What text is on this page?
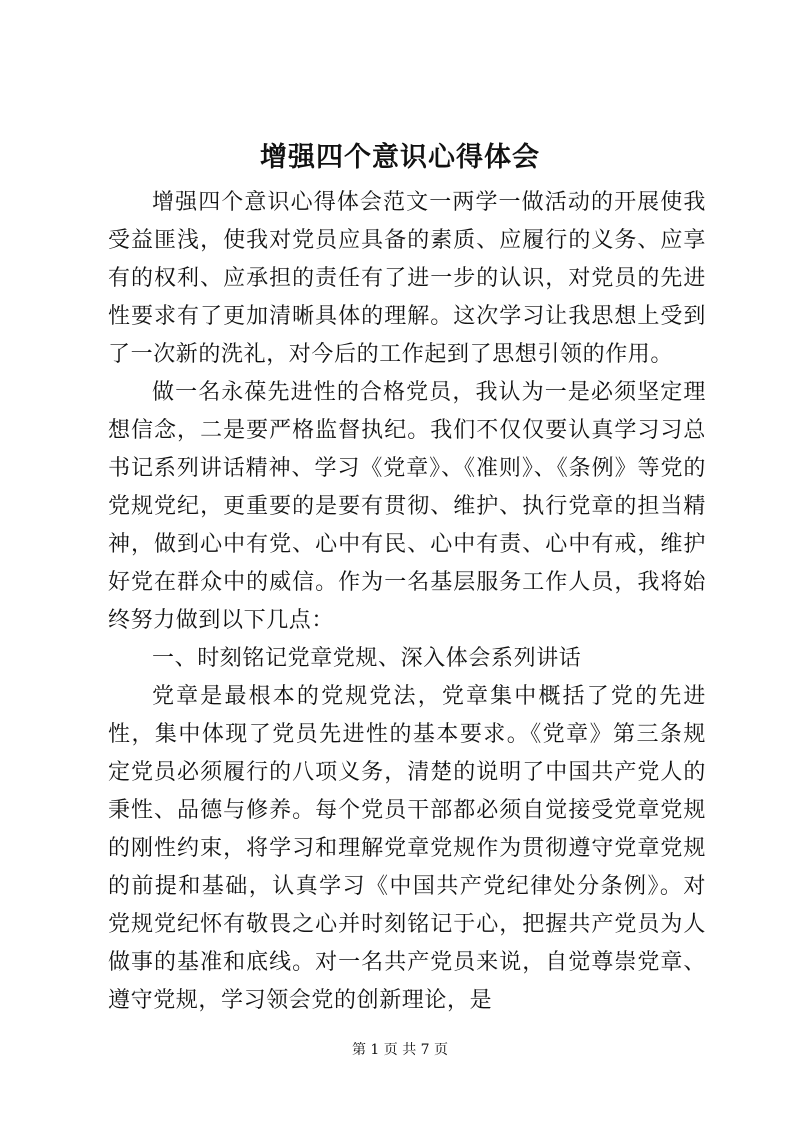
增强四个意识心得体会

增强四个意识心得体会范文一两学一做活动的开展使我受益匪浅，使我对党员应具备的素质、应履行的义务、应享有的权利、应承担的责任有了进一步的认识，对党员的先进性要求有了更加清晰具体的理解。这次学习让我思想上受到了一次新的洗礼，对今后的工作起到了思想引领的作用。

做一名永葆先进性的合格党员，我认为一是必须坚定理想信念，二是要严格监督执纪。我们不仅仅要认真学习习总书记系列讲话精神、学习《党章》、《准则》、《条例》等党的党规党纪，更重要的是要有贯彻、维护、执行党章的担当精神，做到心中有党、心中有民、心中有责、心中有戒，维护好党在群众中的威信。作为一名基层服务工作人员，我将始终努力做到以下几点：

一、时刻铭记党章党规、深入体会系列讲话

党章是最根本的党规党法，党章集中概括了党的先进性，集中体现了党员先进性的基本要求。《党章》第三条规定党员必须履行的八项义务，清楚的说明了中国共产党人的秉性、品德与修养。每个党员干部都必须自觉接受党章党规的刚性约束，将学习和理解党章党规作为贯彻遵守党章党规的前提和基础，认真学习《中国共产党纪律处分条例》。对党规党纪怀有敬畏之心并时刻铭记于心，把握共产党员为人做事的基准和底线。对一名共产党员来说，自觉尊崇党章、遵守党规，学习领会党的创新理论，是

第 1 页 共 7 页
